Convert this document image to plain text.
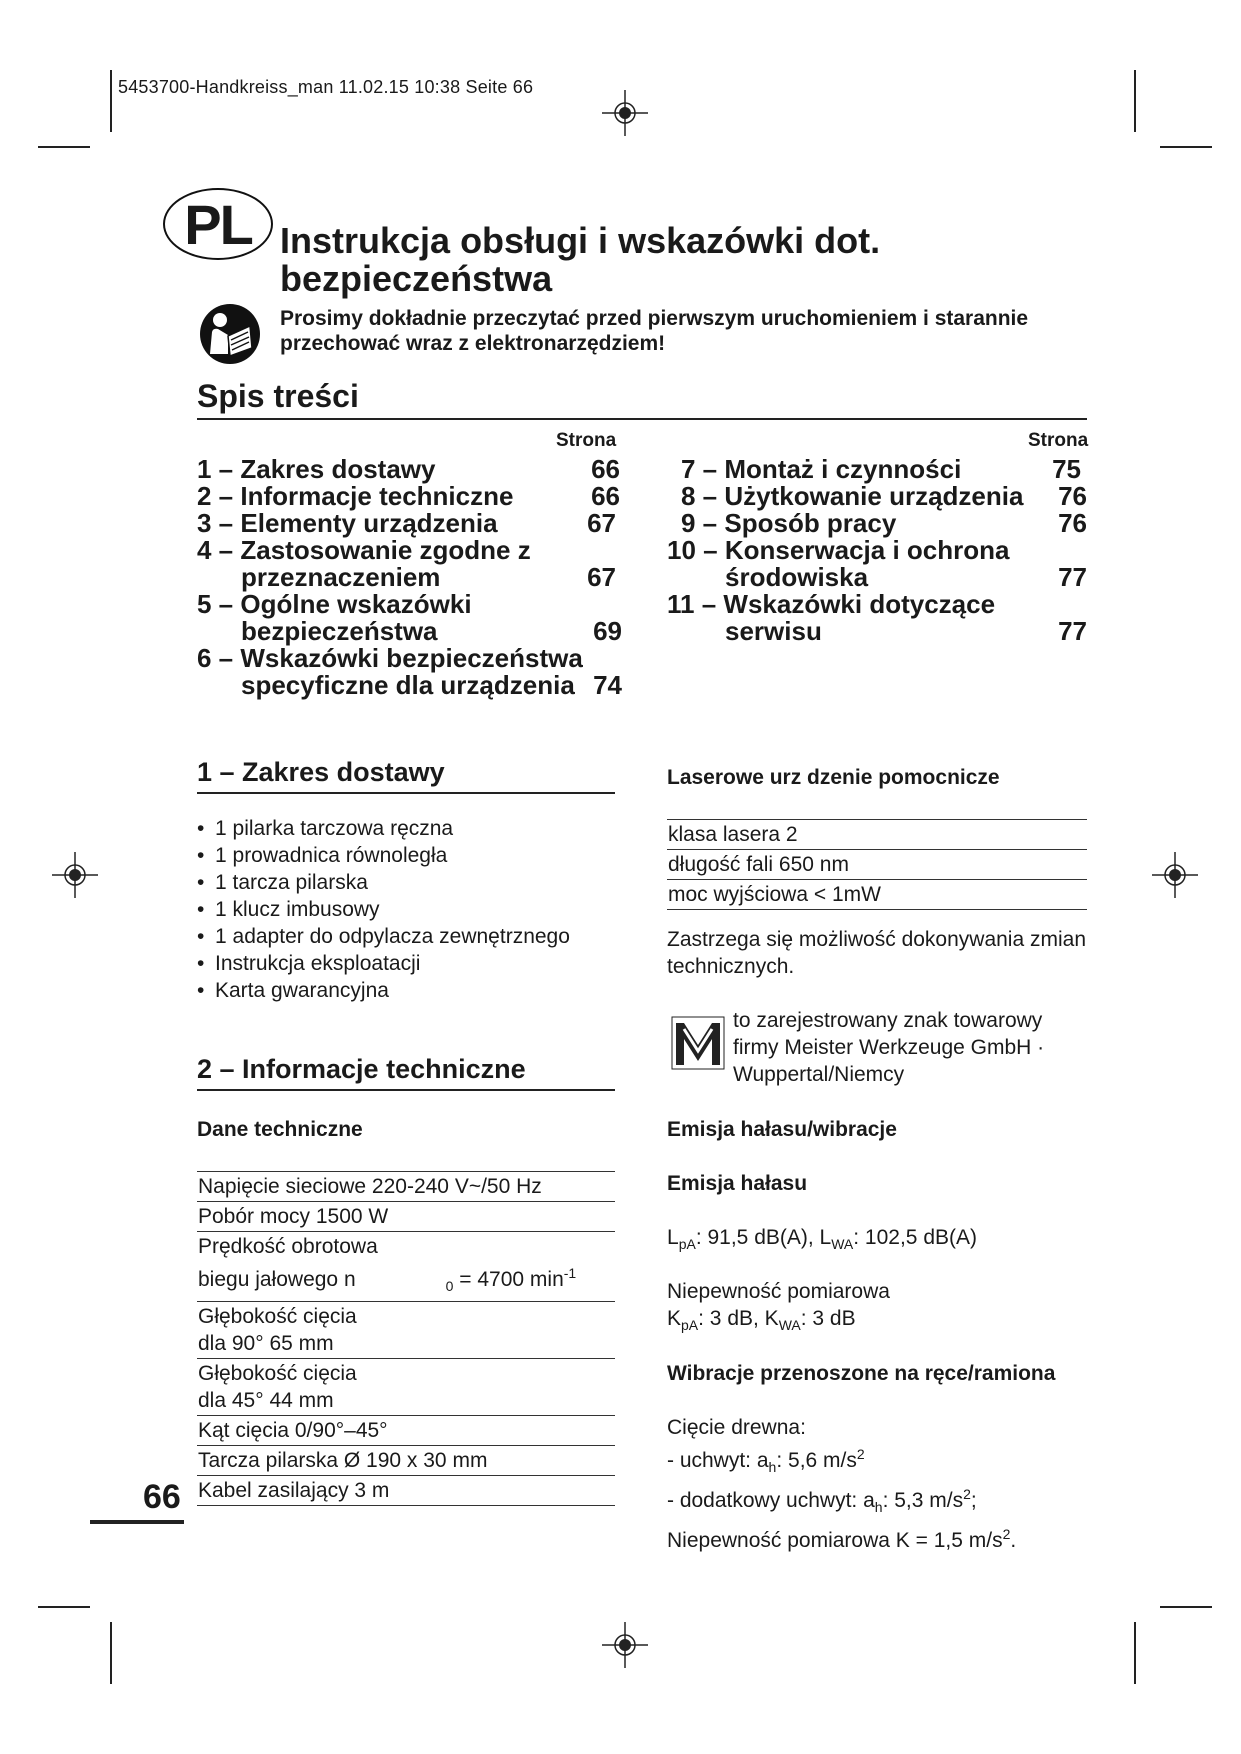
5453700-Handkreiss_man 11.02.15 10:38 Seite 66
PL Instrukcja obsługi i wskazówki dot. bezpieczeństwa
Prosimy dokładnie przeczytać przed pierwszym uruchomieniem i starannie przechować wraz z elektronarzędziem!
Spis treści
Strona	Strona
1 – Zakres dostawy	66
2 – Informacje techniczne	66
3 – Elementy urządzenia	67
4 – Zastosowanie zgodne z
przeznaczeniem	67
5 – Ogólne wskazówki
bezpieczeństwa	69
6 – Wskazówki bezpieczeństwa
specyficzne dla urządzenia 74
7 – Montaż i czynności	75
8 – Użytkowanie urządzenia 76
9 – Sposób pracy	76
10 – Konserwacja i ochrona
środowiska	77
11 – Wskazówki dotyczące
serwisu	77
1 – Zakres dostawy
• 1 pilarka tarczowa ręczna
• 1 prowadnica równoległa
• 1 tarcza pilarska
• 1 klucz imbusowy
• 1 adapter do odpylacza zewnętrznego
• Instrukcja eksploatacji
• Karta gwarancyjna
2 – Informacje techniczne
Dane techniczne
Napięcie sieciowe 220-240 V~/50 Hz
Pobór mocy 1500 W

Prędkość obrotowa
biegu jałowego n	$_0$ = 4700 $\min^{-1}$

Głębokość cięcia
dla 90° 65 mm

Głębokość cięcia
dla 45° 44 mm

Kąt cięcia 0/90°–45°
Tarcza pilarska Ø 190 x 30 mm
Kabel zasilający 3 m
Laserowe urz dzenie pomocnicze
klasa lasera 2
długość fali 650 nm
moc wyjściowa < 1mW
Zastrzega się możliwość dokonywania zmian technicznych.
MW
to zarejestrowany znak towarowy firmy Meister Werkzeuge GmbH · Wuppertal/Niemcy
Emisja hałasu/wibracje
Emisja hałasu
$L_{pA}$: 91,5 dB(A), $L_{WA}$: 102,5 dB(A)
Niepewność pomiarowa
$K_{pA}$: 3 dB, $K_{WA}$: 3 dB
Wibracje przenoszone na ręce/ramiona
Cięcie drewna:
- uchwyt: $a_h$: 5,6 $m/s^2$
- dodatkowy uchwyt: $a_h$: 5,3 $m/s^2$;
Niepewność pomiarowa K = 1,5 $m/s^2$.
66
